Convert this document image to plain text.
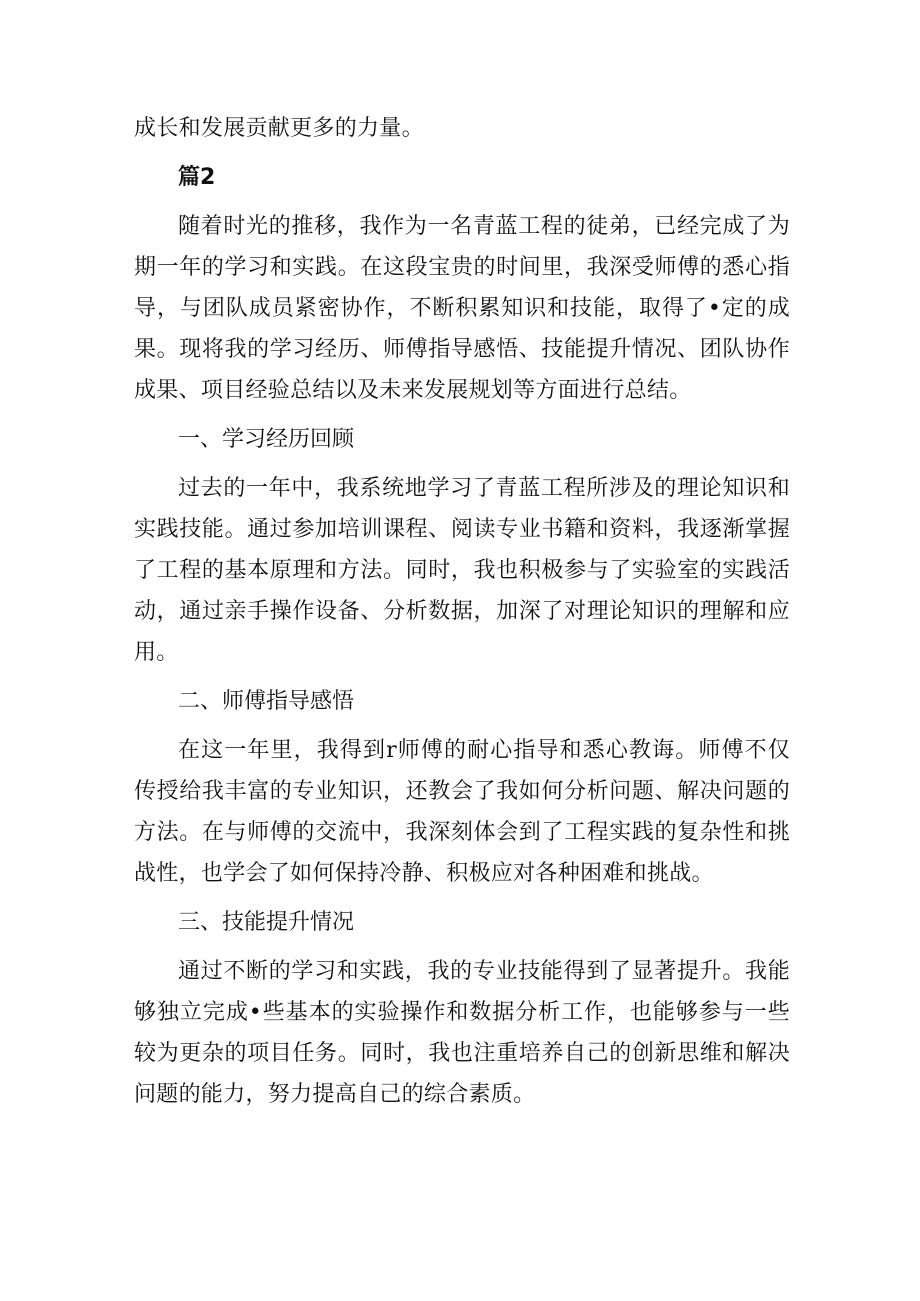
成长和发展贡献更多的力量。

篇2

随着时光的推移，我作为一名青蓝工程的徒弟，已经完成了为期一年的学习和实践。在这段宝贵的时间里，我深受师傅的悉心指导，与团队成员紧密协作，不断积累知识和技能，取得了•定的成果。现将我的学习经历、师傅指导感悟、技能提升情况、团队协作成果、项目经验总结以及未来发展规划等方面进行总结。

一、学习经历回顾

过去的一年中，我系统地学习了青蓝工程所涉及的理论知识和实践技能。通过参加培训课程、阅读专业书籍和资料，我逐渐掌握了工程的基本原理和方法。同时，我也积极参与了实验室的实践活动，通过亲手操作设备、分析数据，加深了对理论知识的理解和应用。

二、师傅指导感悟

在这一年里，我得到r师傅的耐心指导和悉心教诲。师傅不仅传授给我丰富的专业知识，还教会了我如何分析问题、解决问题的方法。在与师傅的交流中，我深刻体会到了工程实践的复杂性和挑战性，也学会了如何保持冷静、积极应对各种困难和挑战。

三、技能提升情况

通过不断的学习和实践，我的专业技能得到了显著提升。我能够独立完成•些基本的实验操作和数据分析工作，也能够参与一些较为更杂的项目任务。同时，我也注重培养自己的创新思维和解决问题的能力，努力提高自己的综合素质。
